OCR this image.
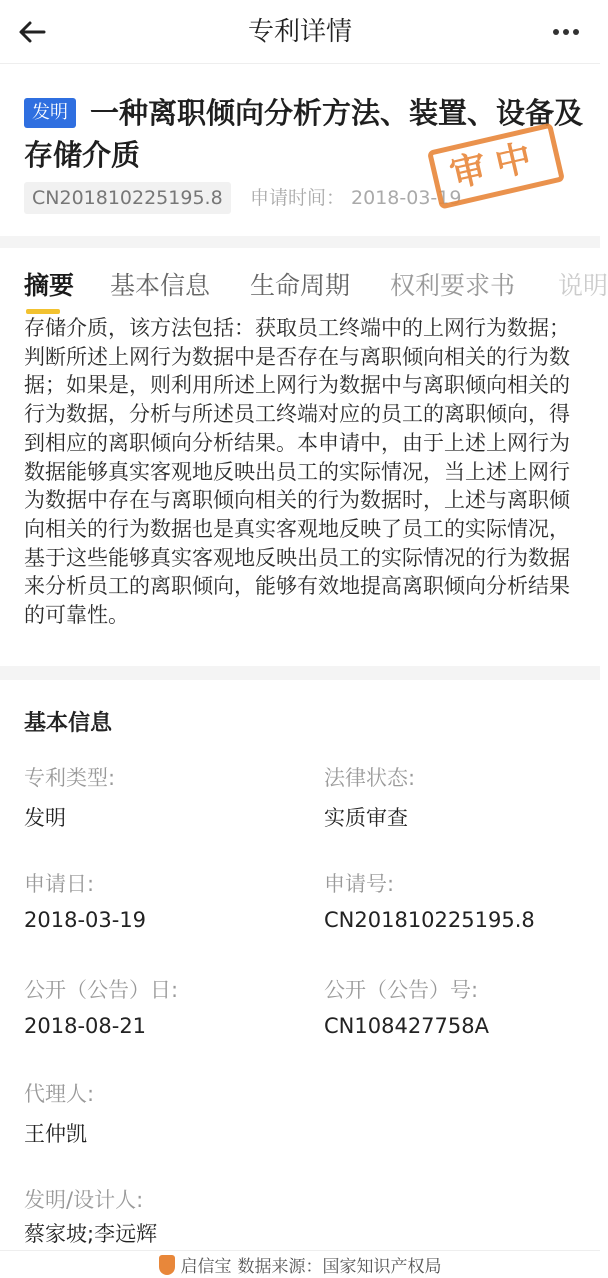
专利详情
一种离职倾向分析方法、装置、设备及存储介质
发明
CN201810225195.8	申请时间： 2018-03-19
审中
摘要 基本信息 生命周期 权利要求书 说明
存储介质，该方法包括：获取员工终端中的上网行为数据；判断所述上网行为数据中是否存在与离职倾向相关的行为数据；如果是，则利用所述上网行为数据中与离职倾向相关的行为数据，分析与所述员工终端对应的员工的离职倾向，得到相应的离职倾向分析结果。本申请中，由于上述上网行为数据能够真实客观地反映出员工的实际情况，当上述上网行为数据中存在与离职倾向相关的行为数据时，上述与离职倾向相关的行为数据也是真实客观地反映了员工的实际情况，基于这些能够真实客观地反映出员工的实际情况的行为数据来分析员工的离职倾向，能够有效地提高离职倾向分析结果的可靠性。
基本信息
专利类型:
发明
法律状态:
实质审查
申请日:
2018-03-19
申请号:
CN201810225195.8
公开（公告）日:
2018-08-21
公开（公告）号:
CN108427758A
代理人:
王仲凯
发明/设计人:
蔡家坡;李远辉
启信宝 数据来源：国家知识产权局
